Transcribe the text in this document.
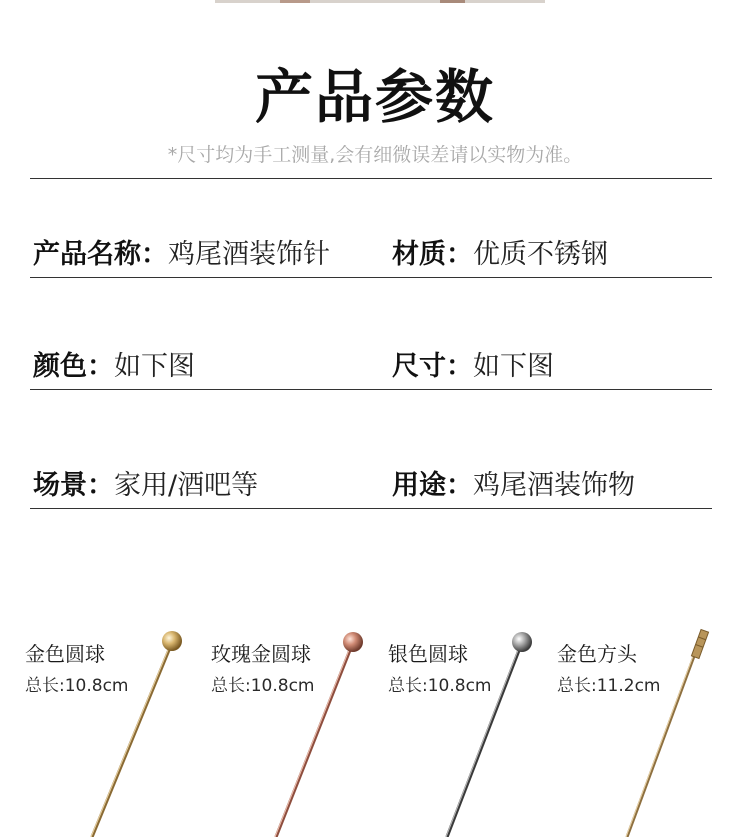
产品参数
*尺寸均为手工测量,会有细微误差请以实物为准。
产品名称：鸡尾酒装饰针 材质：优质不锈钢
颜色：如下图	尺寸：如下图
场景：家用/酒吧等	用途：鸡尾酒装饰物
金色圆球
总长:10.8cm
玫瑰金圆球
总长:10.8cm
银色圆球
总长:10.8cm
金色方头
总长:11.2cm
